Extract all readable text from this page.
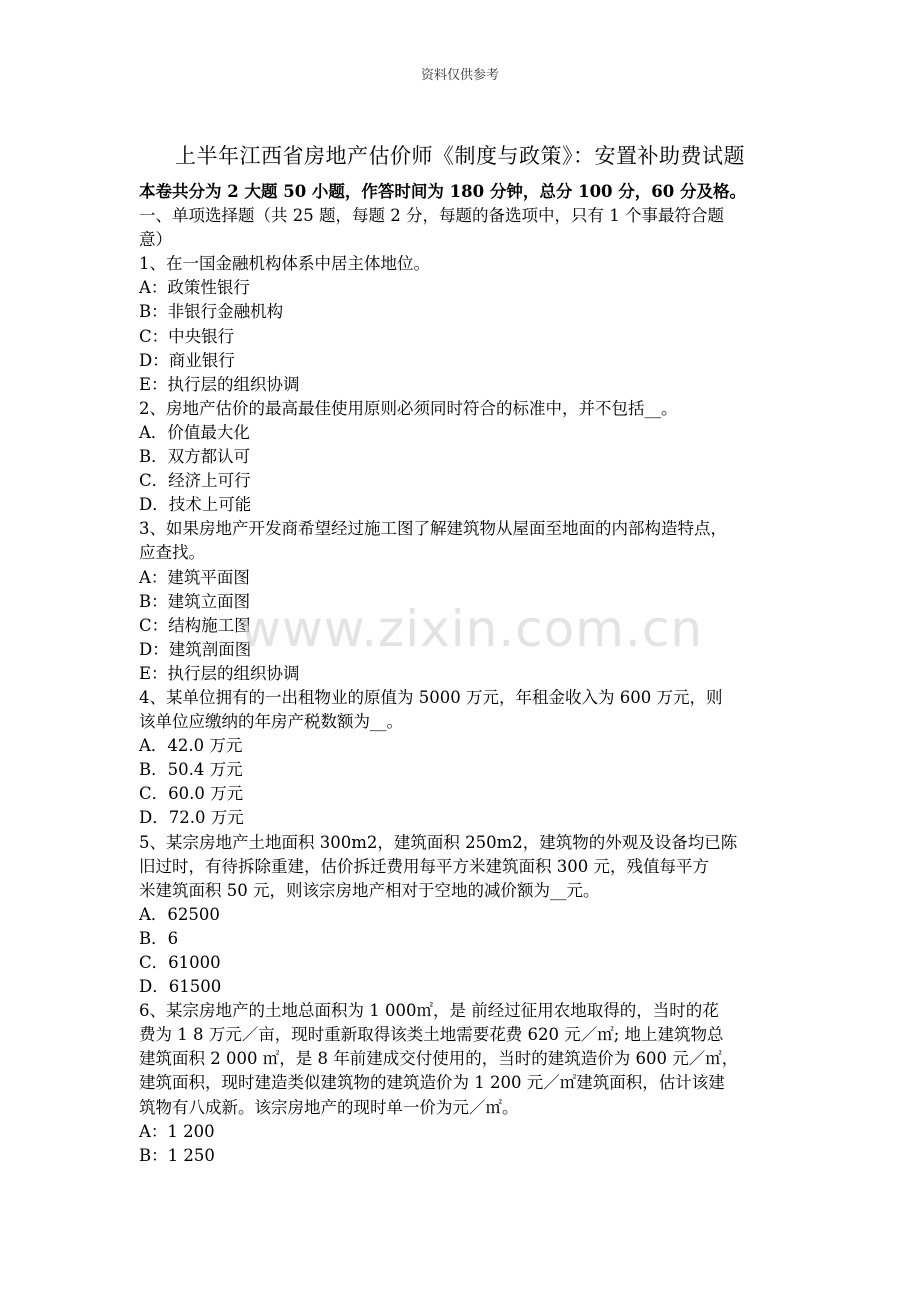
资料仅供参考
上半年江西省房地产估价师《制度与政策》：安置补助费试题

本卷共分为 2 大题 50 小题，作答时间为 180 分钟，总分 100 分，60 分及格。

一、单项选择题（共 25 题，每题 2 分，每题的备选项中，只有 1 个事最符合题

意）

1、在一国金融机构体系中居主体地位。

A：政策性银行

B：非银行金融机构

C：中央银行

D：商业银行

E：执行层的组织协调

2、房地产估价的最高最佳使用原则必须同时符合的标准中，并不包括__。

A．价值最大化

B．双方都认可

C．经济上可行

D．技术上可能

3、如果房地产开发商希望经过施工图了解建筑物从屋面至地面的内部构造特点，

应查找。

A：建筑平面图

B：建筑立面图

C：结构施工图

D：建筑剖面图

E：执行层的组织协调

4、某单位拥有的一出租物业的原值为 5000 万元，年租金收入为 600 万元，则

该单位应缴纳的年房产税数额为__。

A．42.0 万元

B．50.4 万元

C．60.0 万元

D．72.0 万元

5、某宗房地产土地面积 300m2，建筑面积 250m2，建筑物的外观及设备均已陈

旧过时，有待拆除重建，估价拆迁费用每平方米建筑面积 300 元，残值每平方

米建筑面积 50 元，则该宗房地产相对于空地的减价额为__元。

A．62500

B．6

C．61000

D．61500

6、某宗房地产的土地总面积为 1 000㎡，是 前经过征用农地取得的，当时的花

费为 1 8 万元／亩，现时重新取得该类土地需要花费 620 元／㎡; 地上建筑物总

建筑面积 2 000 ㎡，是 8 年前建成交付使用的，当时的建筑造价为 600 元／㎡，

建筑面积，现时建造类似建筑物的建筑造价为 1 200 元／㎡建筑面积，估计该建

筑物有八成新。该宗房地产的现时单一价为元／㎡。

A：1 200

B：1 250

www.zixin.com.cn
